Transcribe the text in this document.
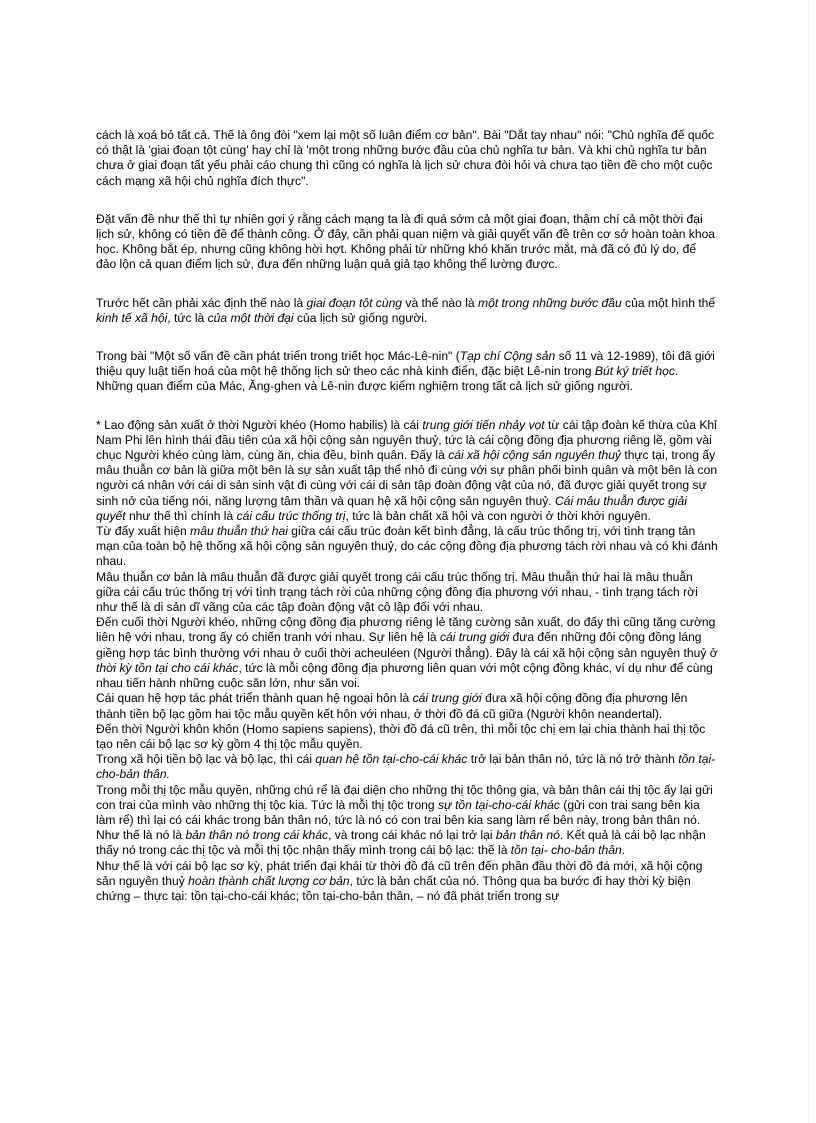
cách là xoá bỏ tất cả. Thế là ông đòi "xem lại một số luận điểm cơ bản". Bài "Dắt tay nhau" nói: "Chủ nghĩa đế quốc có thật là 'giai đoạn tột cùng' hay chỉ là 'một trong những bước đầu của chủ nghĩa tư bản. Và khi chủ nghĩa tư bản chưa ở giai đoạn tất yếu phải cáo chung thì cũng có nghĩa là lịch sử chưa đòi hỏi và chưa tạo tiền đề cho một cuộc cách mạng xã hội chủ nghĩa đích thực".

Đặt vấn đề như thế thì tự nhiên gợi ý rằng cách mạng ta là đi quá sớm cả một giai đoạn, thậm chí cả một thời đại lịch sử, không có tiền đề để thành công. Ở đây, cần phải quan niệm và giải quyết vấn đề trên cơ sở hoàn toàn khoa học. Không bắt ép, nhưng cũng không hời hợt. Không phải từ những khó khăn trước mắt, mà đã có đủ lý do, để đảo lộn cả quan điểm lịch sử, đưa đến những luận quả giả tạo không thể lường được.

Trước hết cần phải xác định thế nào là giai đoạn tột cùng và thế nào là một trong những bước đầu của một hình thể kinh tế xã hội, tức là của một thời đại của lịch sử giống người.

Trong bài "Một số vấn đề cần phát triển trong triết học Mác-Lê-nin" (Tạp chí Cộng sản số 11 và 12-1989), tôi đã giới thiệu quy luật tiến hoá của một hệ thống lịch sử theo các nhà kinh điển, đặc biệt Lê-nin trong Bút ký triết học. Những quan điểm của Mác, Ăng-ghen và Lê-nin được kiểm nghiệm trong tất cả lịch sử giống người.

* Lao động sản xuất ở thời Người khéo (Homo habilis) là cái trung giới tiến nhảy vọt từ cái tập đoàn kế thừa của Khỉ Nam Phi lên hình thái đầu tiên của xã hội cộng sản nguyên thuỷ, tức là cái cộng đồng địa phương riêng lẽ, gồm vài chục Người khéo cùng làm, cùng ăn, chia đều, bình quân. Đấy là cái xã hội cộng sản nguyên thuỷ thực tại, trong ấy mâu thuẫn cơ bản là giữa một bên là sự sản xuất tập thể nhỏ đi cùng với sự phân phối bình quân và một bên là con người cá nhân với cái di sản sinh vật đi cùng với cái di sản tập đoàn động vật của nó, đã được giải quyết trong sự sinh nở của tiếng nói, năng lượng tâm thần và quan hệ xã hội cộng sản nguyên thuỷ. Cái mâu thuẫn được giải quyết như thế thì chính là cái cấu trúc thống trị, tức là bản chất xã hội và con người ở thời khởi nguyên.

Từ đấy xuất hiện mâu thuẫn thứ hai giữa cái cấu trúc đoàn kết bình đẳng, là cấu trúc thống trị, với tình trạng tản mạn của toàn bộ hệ thống xã hội cộng sản nguyên thuỷ, do các cộng đồng địa phương tách rời nhau và có khi đánh nhau.

Mâu thuẫn cơ bản là mâu thuẫn đã được giải quyết trong cái cấu trúc thống trị. Mâu thuẫn thứ hai là mâu thuẫn giữa cái cấu trúc thống trị với tình trạng tách rời của những cộng đồng địa phương với nhau, - tình trạng tách rời như thế là di sản dĩ vãng của các tập đoàn động vật cô lập đối với nhau.

Đến cuối thời Người khéo, những cộng đồng địa phương riêng lẻ tăng cường sản xuất, do đấy thì cũng tăng cường liên hệ với nhau, trong ấy có chiến tranh với nhau. Sự liên hệ là cái trung giới đưa đến những đôi cộng đồng láng giềng hợp tác bình thường với nhau ở cuối thời acheuléen (Người thẳng). Đây là cái xã hội cộng sản nguyên thuỷ ở thời kỳ tồn tại cho cái khác, tức là mỗi cộng đồng địa phương liên quan với một cộng đồng khác, ví dụ như để cùng nhau tiến hành những cuộc săn lớn, như săn voi.

Cái quan hệ hợp tác phát triển thành quan hệ ngoại hôn là cái trung giới đưa xã hội cộng đồng địa phương lên thành tiền bộ lạc gồm hai tộc mẫu quyền kết hôn với nhau, ở thời đồ đá cũ giữa (Người khôn neandertal).

Đến thời Người khôn khôn (Homo sapiens sapiens), thời đồ đá cũ trên, thì mỗi tộc chị em lại chia thành hai thị tộc tạo nên cái bộ lạc sơ kỳ gồm 4 thị tộc mẫu quyền.

Trong xã hội tiền bộ lạc và bộ lạc, thì cái quan hệ tồn tại-cho-cái khác trở lại bản thân nó, tức là nó trở thành tồn tại-cho-bản thân.

Trong mỗi thị tộc mẫu quyền, những chú rể là đại diện cho những thị tộc thông gia, và bản thân cái thị tộc ấy lại gửi con trai của mình vào những thị tộc kia. Tức là mỗi thị tộc trong sự tồn tại-cho-cái khác (gửi con trai sang bên kia làm rể) thì lại có cái khác trong bản thân nó, tức là nó có con trai bên kia sang làm rể bên này, trong bản thân nó.

Như thế là nó là bản thân nó trong cái khác, và trong cái khác nó lại trở lại bản thân nó. Kết quả là cái bộ lạc nhận thấy nó trong các thị tộc và mỗi thị tộc nhận thấy mình trong cái bộ lạc: thế là tồn tại- cho-bản thân.

Như thế là với cái bộ lạc sơ kỳ, phát triển đại khái từ thời đồ đá cũ trên đến phần đầu thời đồ đá mới, xã hội cộng sản nguyên thuỷ hoàn thành chất lượng cơ bản, tức là bản chất của nó. Thông qua ba bước đi hay thời kỳ biện chứng – thực tại: tồn tại-cho-cái khác; tồn tại-cho-bản thân, – nó đã phát triển trong sự
